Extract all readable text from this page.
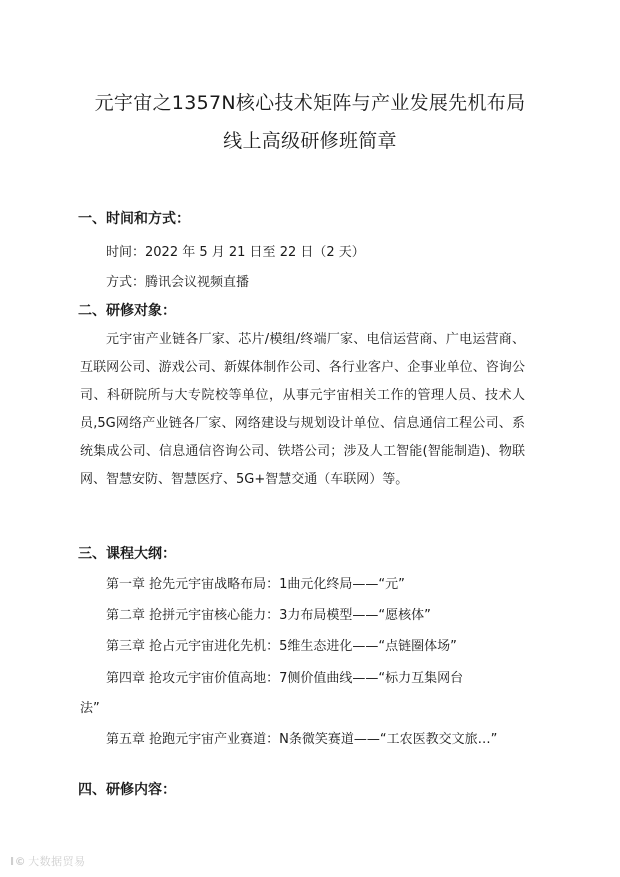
元宇宙之1357N核心技术矩阵与产业发展先机布局
线上高级研修班简章
一、时间和方式：
时间：2022 年 5 月 21 日至 22 日（2 天）
方式：腾讯会议视频直播
二、研修对象：
元宇宙产业链各厂家、芯片/模组/终端厂家、电信运营商、广电运营商、互联网公司、游戏公司、新媒体制作公司、各行业客户、企事业单位、咨询公司、科研院所与大专院校等单位，从事元宇宙相关工作的管理人员、技术人员,5G网络产业链各厂家、网络建设与规划设计单位、信息通信工程公司、系统集成公司、信息通信咨询公司、铁塔公司；涉及人工智能(智能制造)、物联网、智慧安防、智慧医疗、5G+智慧交通（车联网）等。
三、课程大纲：
第一章 抢先元宇宙战略布局：1曲元化终局——“元”
第二章 抢拼元宇宙核心能力：3力布局模型——“愿核体”
第三章 抢占元宇宙进化先机：5维生态进化——“点链圈体场”
第四章 抢攻元宇宙价值高地：7侧价值曲线——“标力互集网台
法”
第五章 抢跑元宇宙产业赛道：N条微笑赛道——“工农医教交文旅…”
四、研修内容：
I© 大数据贸易
